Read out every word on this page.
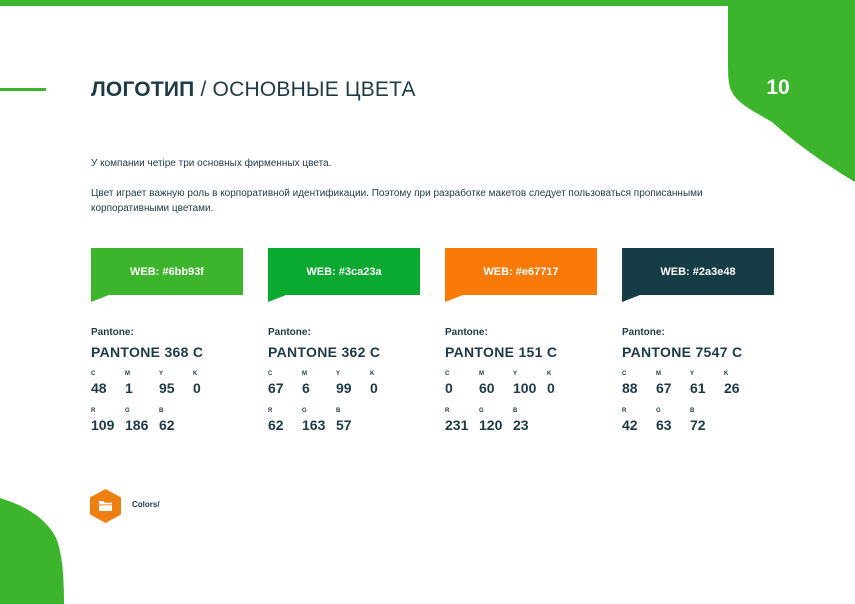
10
ЛОГОТИП / ОСНОВНЫЕ ЦВЕТА

У компании четіре три основных фирменных цвета.

Цвет играет важную роль в корпоративной идентификации. Поэтому при разработке макетов следует пользоваться прописанными корпоративными цветами.

WEB: #6bb93f
Pantone:
PANTONE 368 C
C
48
M
1
Y
95
K
0
R
109
G
186
B
62
WEB: #3ca23a
Pantone:
PANTONE 362 C
C
67
M
6
Y
99
K
0
R
62
G
163
B
57
WEB: #e67717
Pantone:
PANTONE 151 C
C
0
M
60
Y
100
K
0
R
231
G
120
B
23
WEB: #2a3e48
Pantone:
PANTONE 7547 C
C
88
M
67
Y
61
K
26
R
42
G
63
B
72
Colors/
